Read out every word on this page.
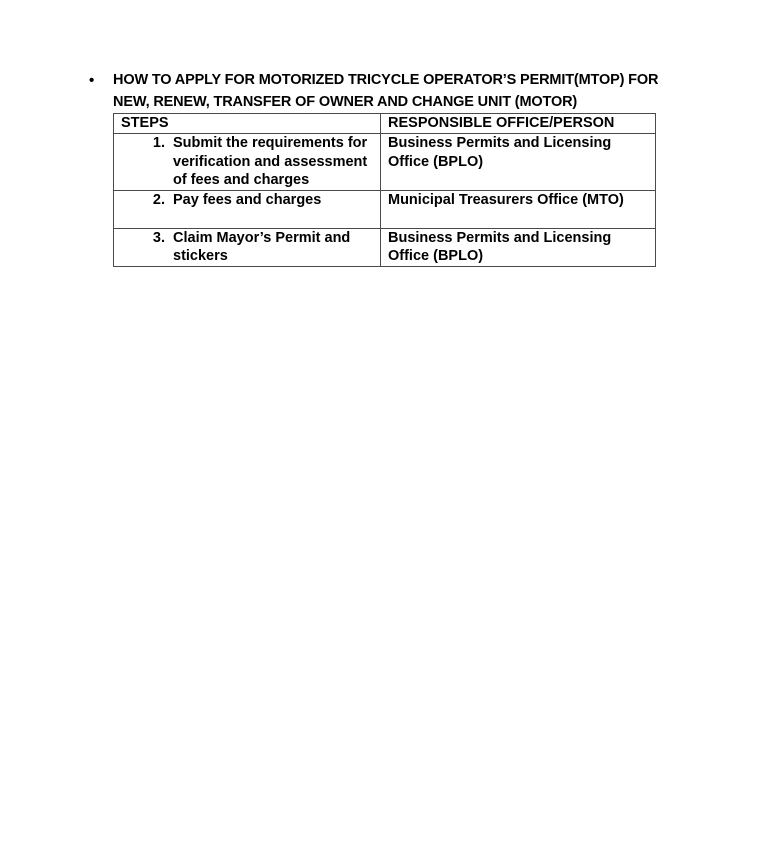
• HOW TO APPLY FOR MOTORIZED TRICYCLE OPERATOR’S PERMIT(MTOP) FOR NEW, RENEW, TRANSFER OF OWNER AND CHANGE UNIT (MOTOR)
STEPS	RESPONSIBLE OFFICE/PERSON
1. Submit the requirements for verification and assessment of fees and charges	Business Permits and Licensing Office (BPLO)
2. Pay fees and charges	Municipal Treasurers Office (MTO)
3. Claim Mayor’s Permit and stickers	Business Permits and Licensing Office (BPLO)
